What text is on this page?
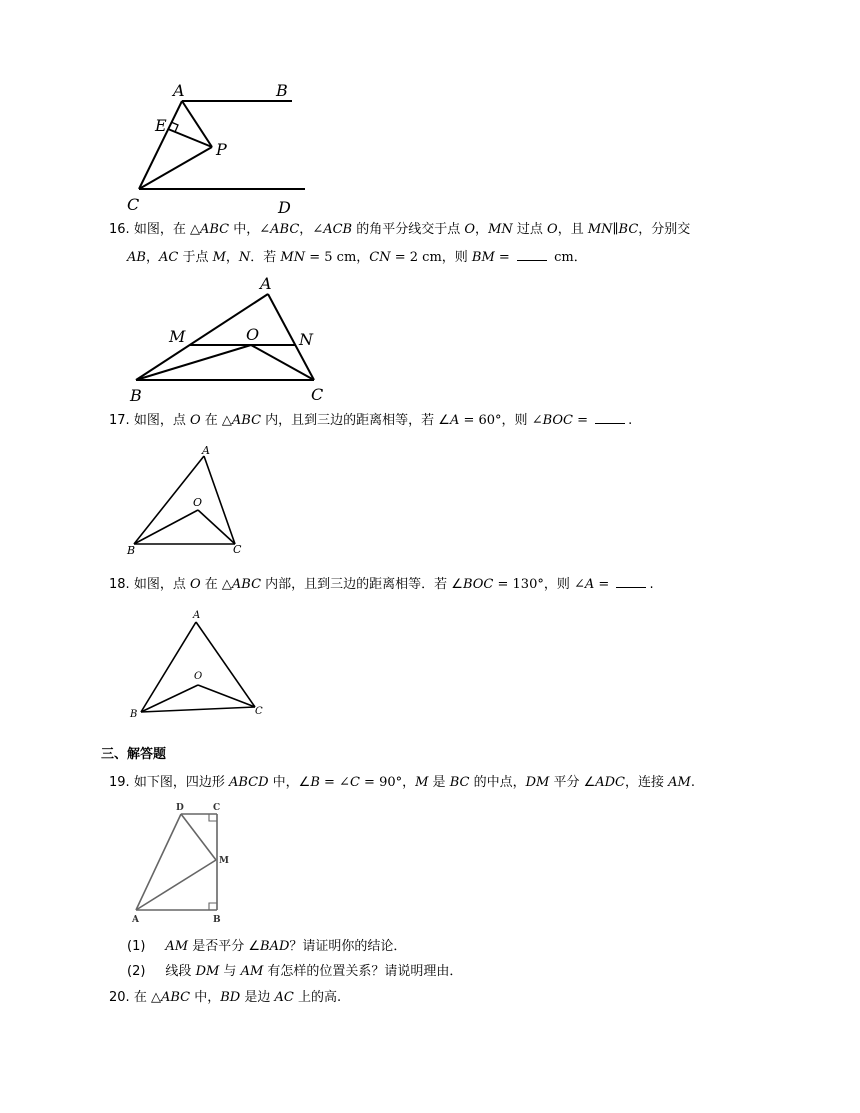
A	B
E
P
C	D
16. 如图，在 △ABC 中，∠ABC，∠ACB 的角平分线交于点 O，MN 过点 O，且 MN∥BC，分别交
AB，AC 于点 M，N．若 MN = 5 cm，CN = 2 cm，则 BM =	cm．
A
M	O N
B	C
17. 如图，点 O 在 △ABC 内，且到三边的距离相等，若 ∠A = 60°，则 ∠BOC =	.
A
O
B	C
18. 如图，点 O 在 △ABC 内部，且到三边的距离相等．若 ∠BOC = 130°，则 ∠A =	.
A
O
B	C
三、解答题
19. 如下图，四边形 ABCD 中，∠B = ∠C = 90°，M 是 BC 的中点，DM 平分 ∠ADC，连接 AM.
D	C
M
A	B
(1) AM 是否平分 ∠BAD？请证明你的结论．
(2) 线段 DM 与 AM 有怎样的位置关系？请说明理由．
20. 在 △ABC 中，BD 是边 AC 上的高.
